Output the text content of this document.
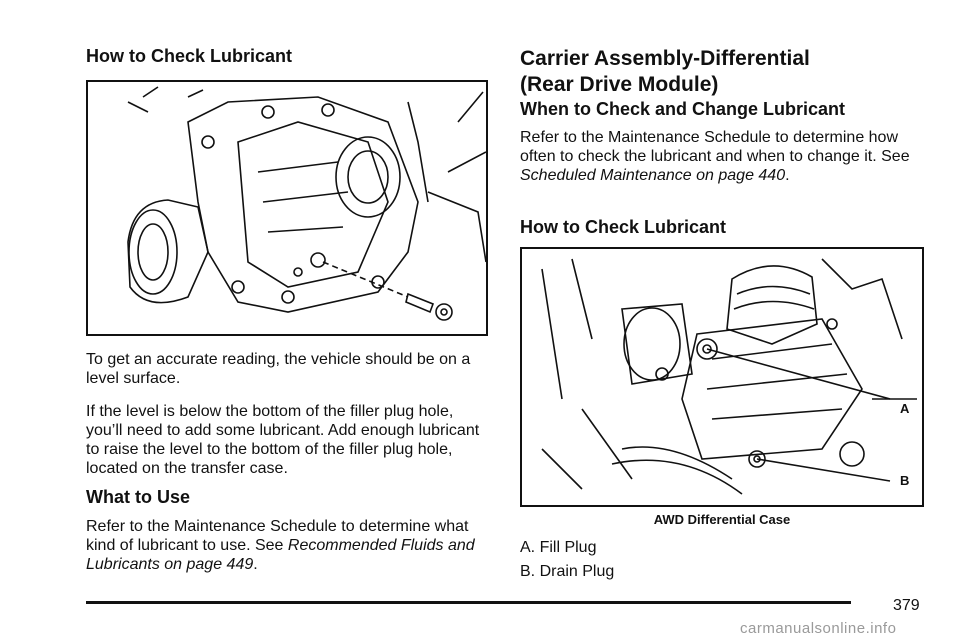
How to Check Lubricant

To get an accurate reading, the vehicle should be on a level surface.

If the level is below the bottom of the filler plug hole, you’ll need to add some lubricant. Add enough lubricant to raise the level to the bottom of the filler plug hole, located on the transfer case.

What to Use

Refer to the Maintenance Schedule to determine what kind of lubricant to use. See Recommended Fluids and Lubricants on page 449.

Carrier Assembly-Differential
(Rear Drive Module)
When to Check and Change Lubricant

Refer to the Maintenance Schedule to determine how often to check the lubricant and when to change it. See Scheduled Maintenance on page 440.

How to Check Lubricant
A
B
AWD Differential Case
A. Fill Plug
B. Drain Plug
379
carmanualsonline.info
